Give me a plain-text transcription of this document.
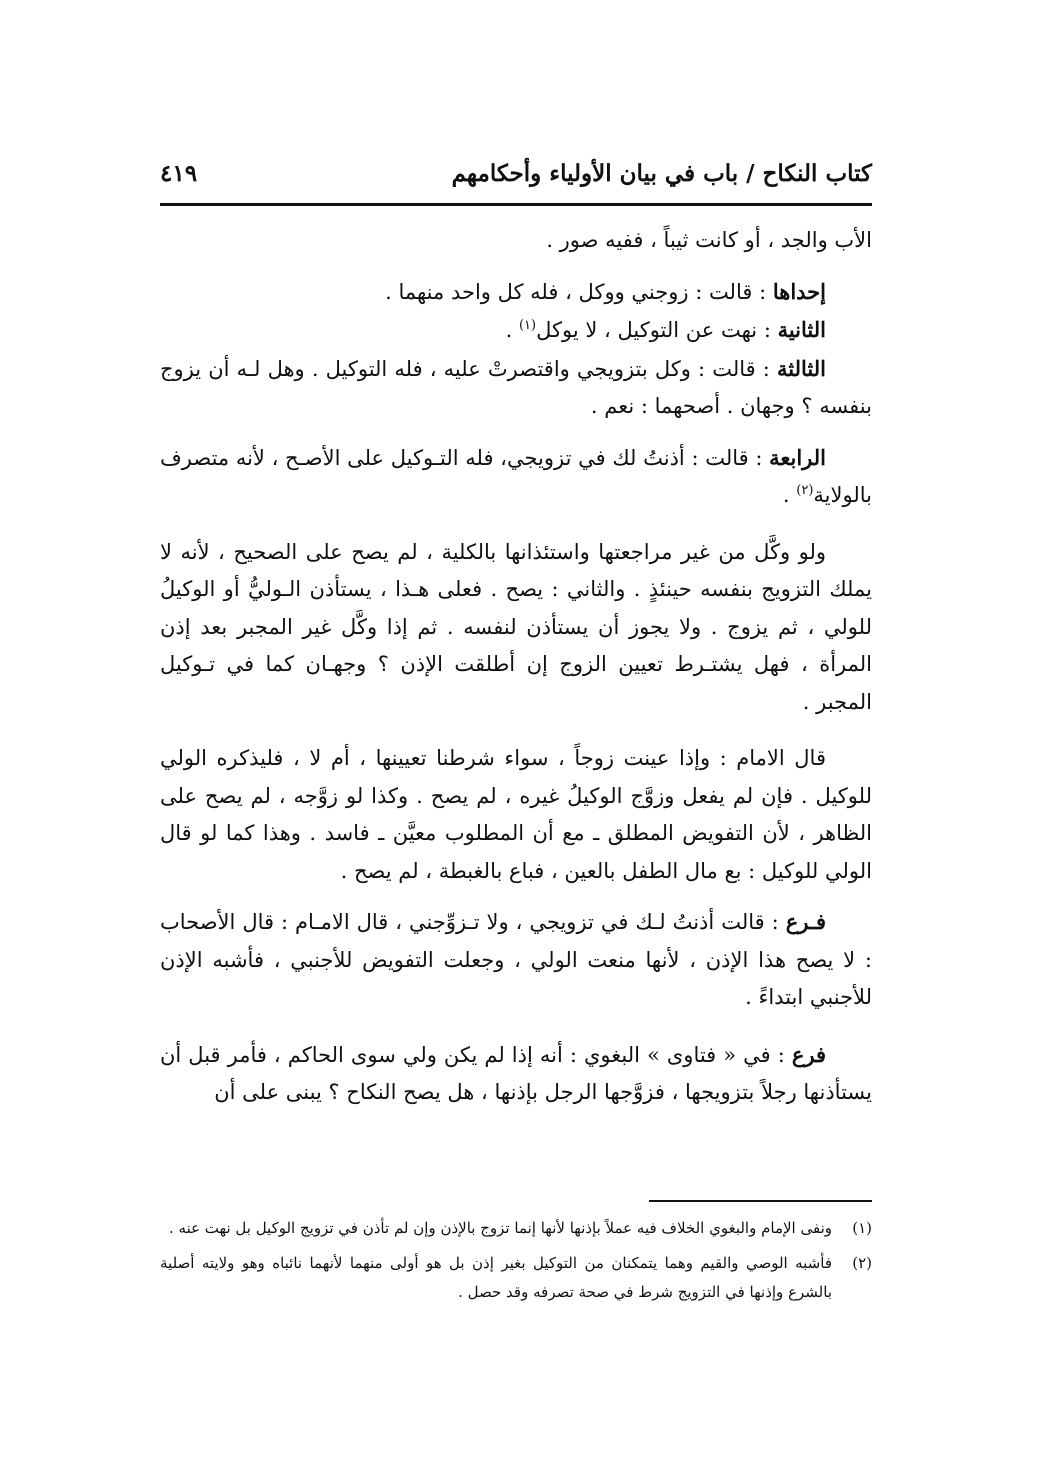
كتاب النكاح / باب في بيان الأولياء وأحكامهم
٤١٩

الأب والجد ، أو كانت ثيباً ، ففيه صور .

إحداها : قالت : زوجني ووكل ، فله كل واحد منهما .

الثانية : نهت عن التوكيل ، لا يوكل$^{(١)}$ .

الثالثة : قالت : وكل بتزويجي واقتصرتْ عليه ، فله التوكيل . وهل لـه أن يزوج بنفسه ؟ وجهان . أصحهما : نعم .

الرابعة : قالت : أذنتُ لك في تزويجي، فله التـوكيل على الأصـح ، لأنه متصرف بالولاية$^{(٢)}$ .

ولو وكَّل من غير مراجعتها واستئذانها بالكلية ، لم يصح على الصحيح ، لأنه لا يملك التزويج بنفسه حينئذٍ . والثاني : يصح . فعلى هـذا ، يستأذن الـوليُّ أو الوكيلُ للولي ، ثم يزوج . ولا يجوز أن يستأذن لنفسه . ثم إذا وكَّل غير المجبر بعد إذن المرأة ، فهل يشتـرط تعيين الزوج إن أطلقت الإذن ؟ وجهـان كما في تـوكيل المجبر .

قال الامام : وإذا عينت زوجاً ، سواء شرطنا تعيينها ، أم لا ، فليذكره الولي للوكيل . فإن لم يفعل وزوَّج الوكيلُ غيره ، لم يصح . وكذا لو زوَّجه ، لم يصح على الظاهر ، لأن التفويض المطلق ـ مع أن المطلوب معيَّن ـ فاسد . وهذا كما لو قال الولي للوكيل : بع مال الطفل بالعين ، فباع بالغبطة ، لم يصح .

فـرع : قالت أذنتُ لـك في تزويجي ، ولا تـزوِّجني ، قال الامـام : قال الأصحاب : لا يصح هذا الإذن ، لأنها منعت الولي ، وجعلت التفويض للأجنبي ، فأشبه الإذن للأجنبي ابتداءً .

فرع : في « فتاوى » البغوي : أنه إذا لم يكن ولي سوى الحاكم ، فأمر قبل أن يستأذنها رجلاً بتزويجها ، فزوَّجها الرجل بإذنها ، هل يصح النكاح ؟ يبنى على أن

(١)
ونفى الإمام والبغوي الخلاف فيه عملاً بإذنها لأنها إنما تزوج بالإذن وإن لم تأذن في تزويج الوكيل بل نهت عنه .

(٢)
فأشبه الوصي والقيم وهما يتمكنان من التوكيل بغير إذن بل هو أولى منهما لأنهما نائباه وهو ولايته أصلية بالشرع وإذنها في التزويج شرط في صحة تصرفه وقد حصل .
